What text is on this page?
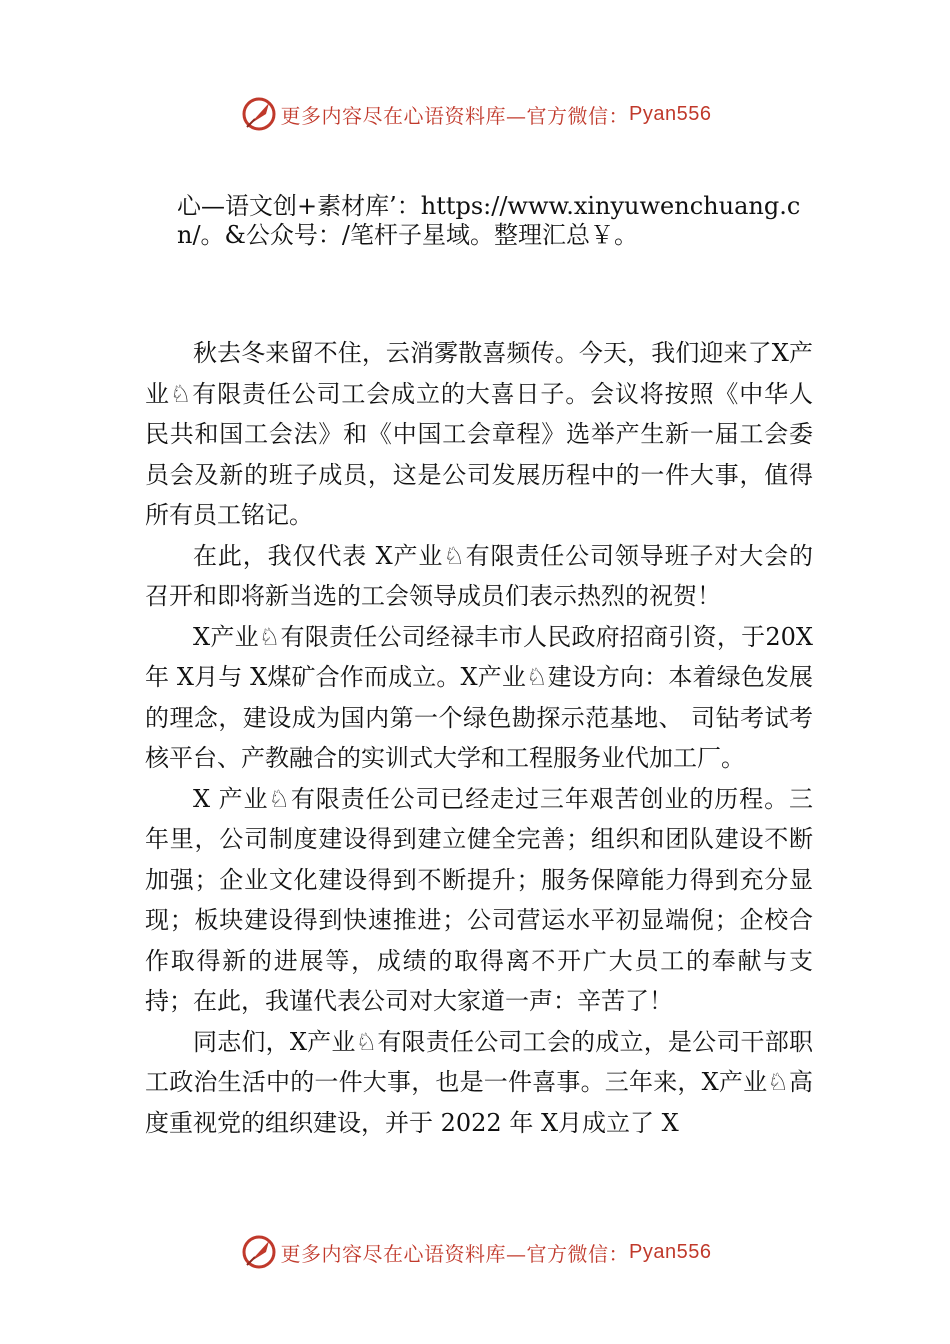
更多内容尽在心语资料库—官方微信： Pyan556
心—语文创+素材库’：https://www.xinyuwenchuang.cn/。&公众号：/笔杆子星域。整理汇总￥。

秋去冬来留不住，云消雾散喜频传。今天，我们迎来了X产业♘有限责任公司工会成立的大喜日子。会议将按照《中华人民共和国工会法》和《中国工会章程》选举产生新一届工会委员会及新的班子成员，这是公司发展历程中的一件大事，值得所有员工铭记。

在此，我仅代表 X产业♘有限责任公司领导班子对大会的召开和即将新当选的工会领导成员们表示热烈的祝贺！

X产业♘有限责任公司经禄丰市人民政府招商引资，于20X 年 X月与 X煤矿合作而成立。X产业♘建设方向：本着绿色发展的理念，建设成为国内第一个绿色勘探示范基地、 司钻考试考核平台、产教融合的实训式大学和工程服务业代加工厂。

X 产业♘有限责任公司已经走过三年艰苦创业的历程。三年里，公司制度建设得到建立健全完善；组织和团队建设不断加强；企业文化建设得到不断提升；服务保障能力得到充分显现；板块建设得到快速推进；公司营运水平初显端倪；企校合作取得新的进展等，成绩的取得离不开广大员工的奉献与支持；在此，我谨代表公司对大家道一声：辛苦了！

同志们，X产业♘有限责任公司工会的成立，是公司干部职工政治生活中的一件大事，也是一件喜事。三年来，X产业♘高度重视党的组织建设，并于 2022 年 X月成立了 X

更多内容尽在心语资料库—官方微信： Pyan556
